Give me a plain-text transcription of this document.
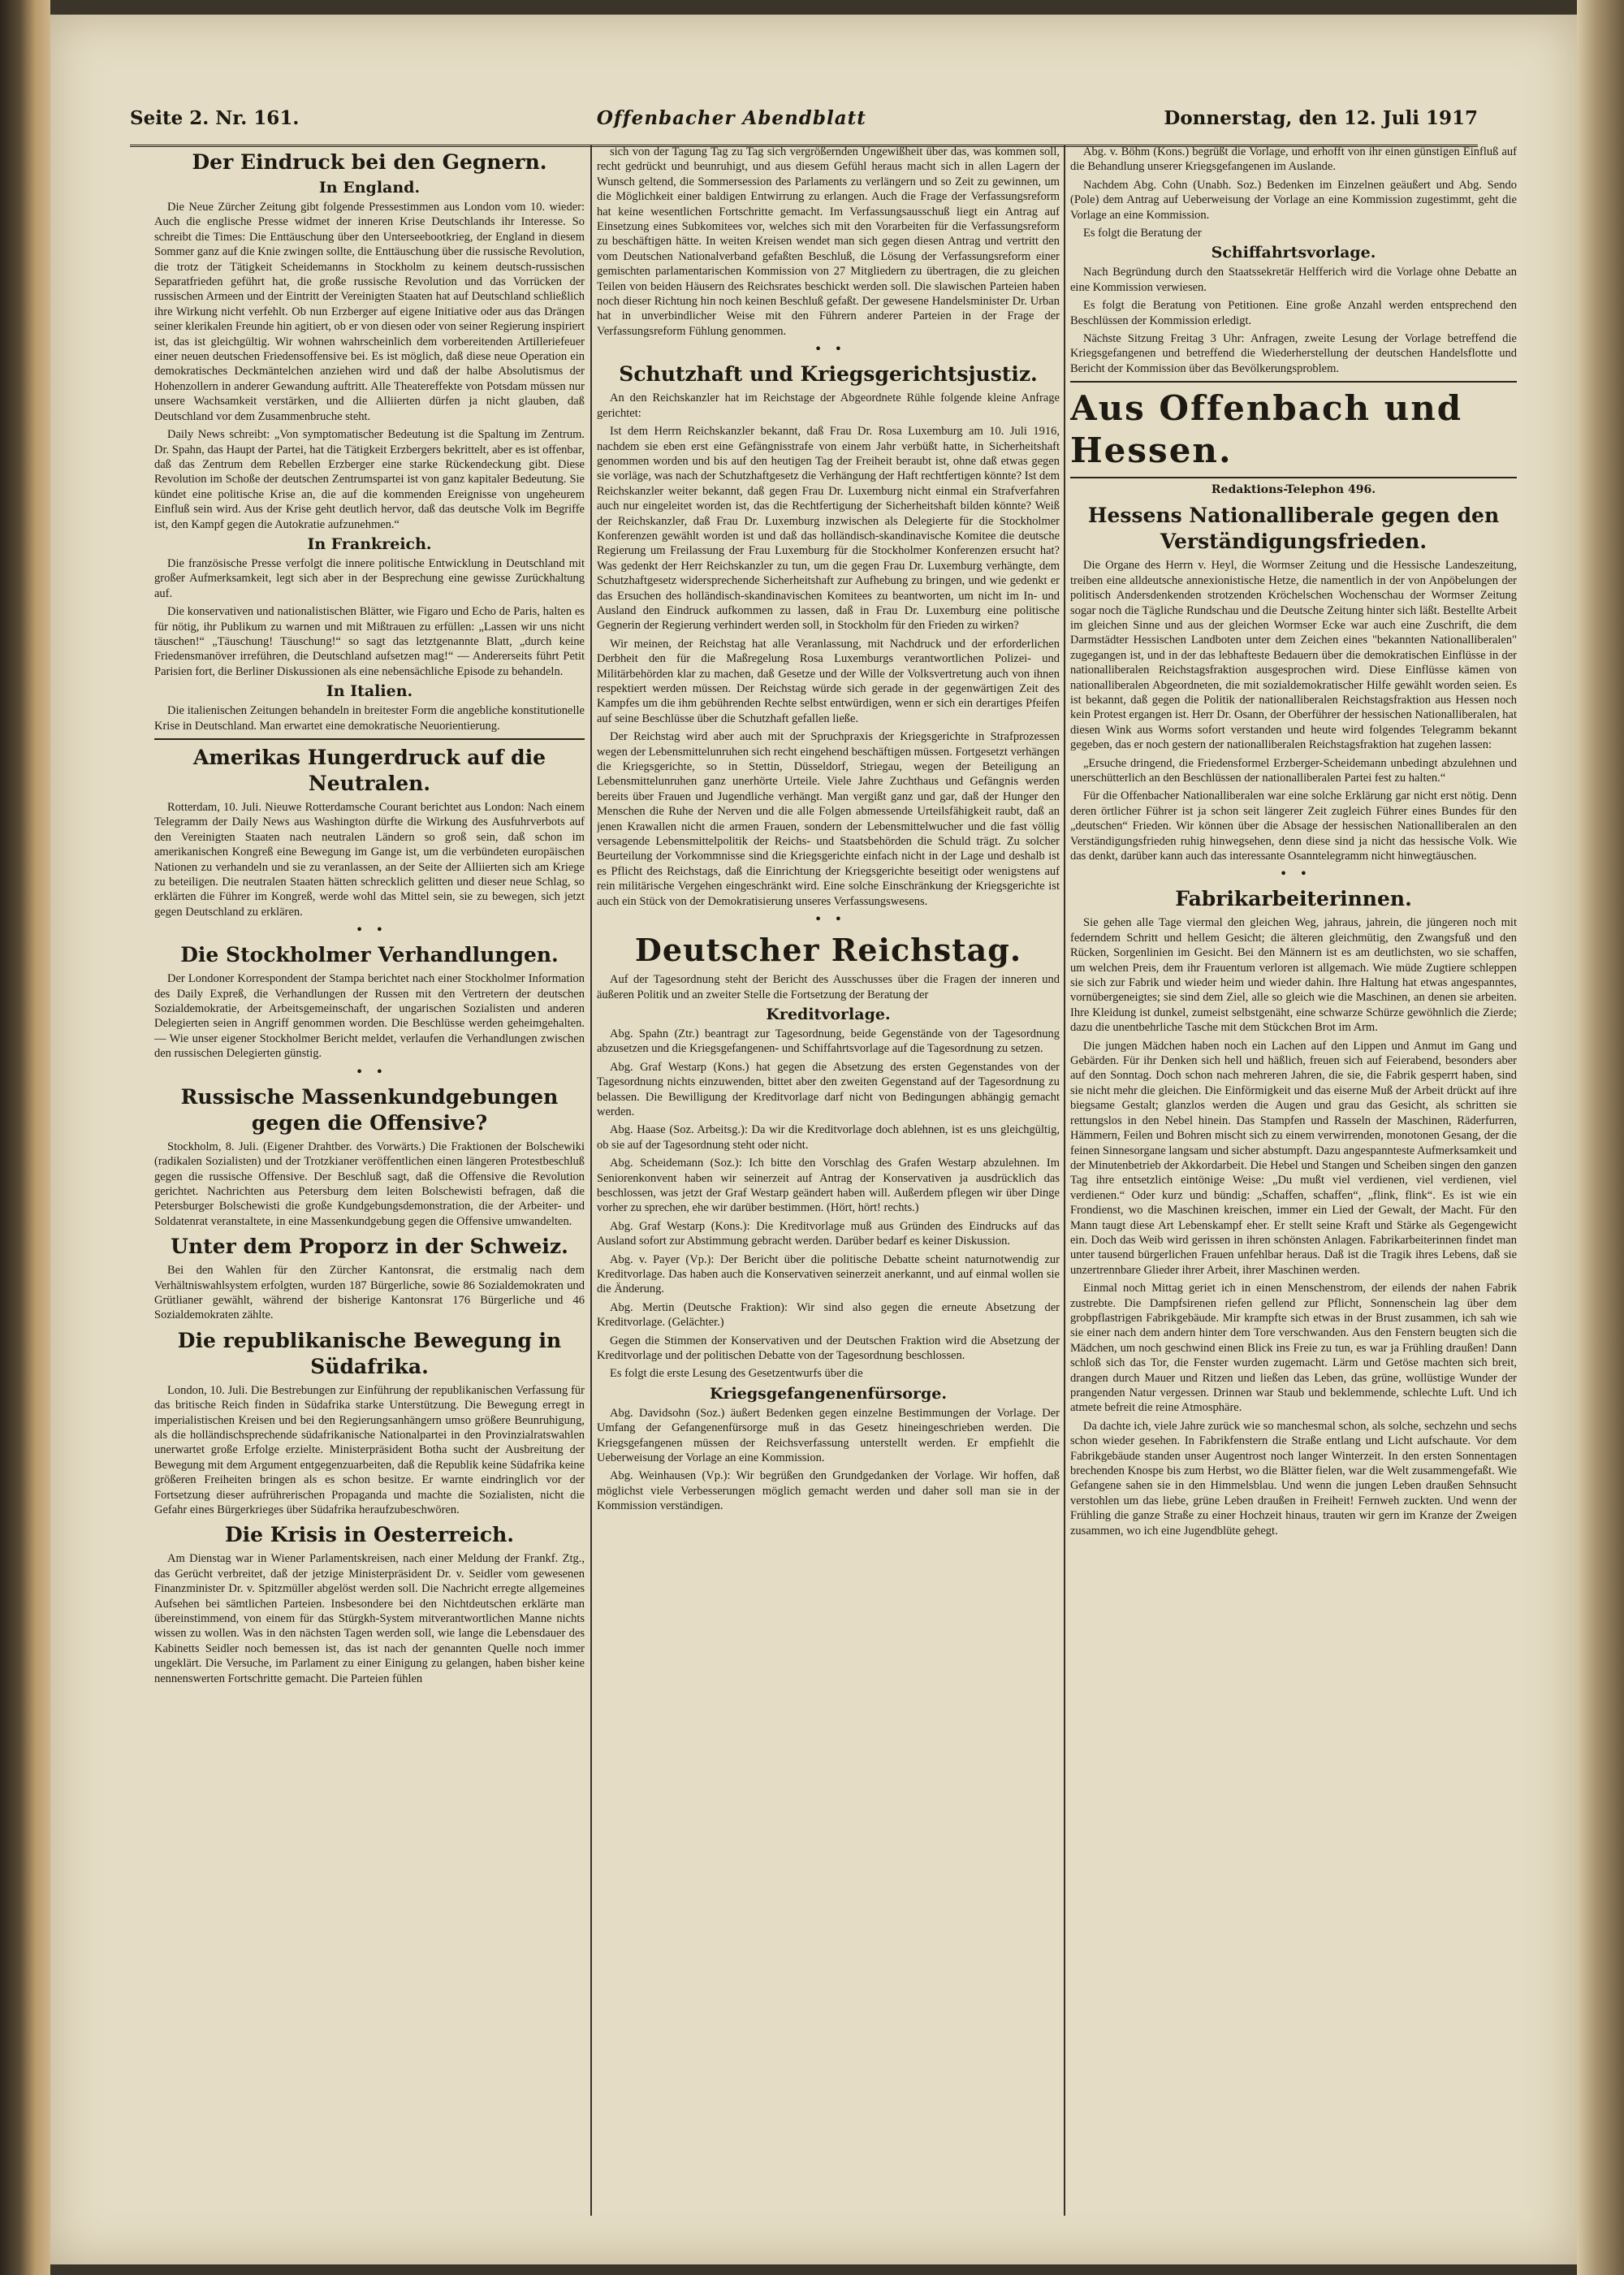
Seite 2. Nr. 161.	Offenbacher Abendblatt	Donnerstag, den 12. Juli 1917
Der Eindruck bei den Gegnern.
In England.

Die Neue Zürcher Zeitung gibt folgende Pressestimmen aus London vom 10. wieder: Auch die englische Presse widmet der inneren Krise Deutschlands ihr Interesse. So schreibt die Times: Die Enttäuschung über den Unterseebootkrieg, der England in diesem Sommer ganz auf die Knie zwingen sollte, die Enttäuschung über die russische Revolution, die trotz der Tätigkeit Scheidemanns in Stockholm zu keinem deutsch-russischen Separatfrieden geführt hat, die große russische Revolution und das Vorrücken der russischen Armeen und der Eintritt der Vereinigten Staaten hat auf Deutschland schließlich ihre Wirkung nicht verfehlt. Ob nun Erzberger auf eigene Initiative oder aus das Drängen seiner klerikalen Freunde hin agitiert, ob er von diesen oder von seiner Regierung inspiriert ist, das ist gleichgültig. Wir wohnen wahrscheinlich dem vorbereitenden Artilleriefeuer einer neuen deutschen Friedensoffensive bei. Es ist möglich, daß diese neue Operation ein demokratisches Deckmäntelchen anziehen wird und daß der halbe Absolutismus der Hohenzollern in anderer Gewandung auftritt. Alle Theatereffekte von Potsdam müssen nur unsere Wachsamkeit verstärken, und die Alliierten dürfen ja nicht glauben, daß Deutschland vor dem Zusammenbruche steht.

Daily News schreibt: „Von symptomatischer Bedeutung ist die Spaltung im Zentrum. Dr. Spahn, das Haupt der Partei, hat die Tätigkeit Erzbergers bekrittelt, aber es ist offenbar, daß das Zentrum dem Rebellen Erzberger eine starke Rückendeckung gibt. Diese Revolution im Schoße der deutschen Zentrumspartei ist von ganz kapitaler Bedeutung. Sie kündet eine politische Krise an, die auf die kommenden Ereignisse von ungeheurem Einfluß sein wird. Aus der Krise geht deutlich hervor, daß das deutsche Volk im Begriffe ist, den Kampf gegen die Autokratie aufzunehmen.“

In Frankreich.

Die französische Presse verfolgt die innere politische Entwicklung in Deutschland mit großer Aufmerksamkeit, legt sich aber in der Besprechung eine gewisse Zurückhaltung auf.

Die konservativen und nationalistischen Blätter, wie Figaro und Echo de Paris, halten es für nötig, ihr Publikum zu warnen und mit Mißtrauen zu erfüllen: „Lassen wir uns nicht täuschen!“ „Täuschung! Täuschung!“ so sagt das letztgenannte Blatt, „durch keine Friedensmanöver irreführen, die Deutschland aufsetzen mag!“ — Andererseits führt Petit Parisien fort, die Berliner Diskussionen als eine nebensächliche Episode zu behandeln.

In Italien.

Die italienischen Zeitungen behandeln in breitester Form die angebliche konstitutionelle Krise in Deutschland. Man erwartet eine demokratische Neuorientierung.

Amerikas Hungerdruck auf die Neutralen.

Rotterdam, 10. Juli. Nieuwe Rotterdamsche Courant berichtet aus London: Nach einem Telegramm der Daily News aus Washington dürfte die Wirkung des Ausfuhrverbots auf den Vereinigten Staaten nach neutralen Ländern so groß sein, daß schon im amerikanischen Kongreß eine Bewegung im Gange ist, um die verbündeten europäischen Nationen zu verhandeln und sie zu veranlassen, an der Seite der Alliierten sich am Kriege zu beteiligen. Die neutralen Staaten hätten schrecklich gelitten und dieser neue Schlag, so erklärten die Führer im Kongreß, werde wohl das Mittel sein, sie zu bewegen, sich jetzt gegen Deutschland zu erklären.

•   •
Die Stockholmer Verhandlungen.

Der Londoner Korrespondent der Stampa berichtet nach einer Stockholmer Information des Daily Expreß, die Verhandlungen der Russen mit den Vertretern der deutschen Sozialdemokratie, der Arbeitsgemeinschaft, der ungarischen Sozialisten und anderen Delegierten seien in Angriff genommen worden. Die Beschlüsse werden geheimgehalten. — Wie unser eigener Stockholmer Bericht meldet, verlaufen die Verhandlungen zwischen den russischen Delegierten günstig.

•   •
Russische Massenkundgebungen gegen die Offensive?

Stockholm, 8. Juli. (Eigener Drahtber. des Vorwärts.) Die Fraktionen der Bolschewiki (radikalen Sozialisten) und der Trotzkianer veröffentlichen einen längeren Protestbeschluß gegen die russische Offensive. Der Beschluß sagt, daß die Offensive die Revolution gerichtet. Nachrichten aus Petersburg dem leiten Bolschewisti befragen, daß die Petersburger Bolschewisti die große Kundgebungsdemonstration, die der Arbeiter- und Soldatenrat veranstaltete, in eine Massenkundgebung gegen die Offensive umwandelten.

Unter dem Proporz in der Schweiz.

Bei den Wahlen für den Zürcher Kantonsrat, die erstmalig nach dem Verhältniswahlsystem erfolgten, wurden 187 Bürgerliche, sowie 86 Sozialdemokraten und Grütlianer gewählt, während der bisherige Kantonsrat 176 Bürgerliche und 46 Sozialdemokraten zählte.

Die republikanische Bewegung in Südafrika.

London, 10. Juli. Die Bestrebungen zur Einführung der republikanischen Verfassung für das britische Reich finden in Südafrika starke Unterstützung. Die Bewegung erregt in imperialistischen Kreisen und bei den Regierungsanhängern umso größere Beunruhigung, als die holländischsprechende südafrikanische Nationalpartei in den Provinzialratswahlen unerwartet große Erfolge erzielte. Ministerpräsident Botha sucht der Ausbreitung der Bewegung mit dem Argument entgegenzuarbeiten, daß die Republik keine Südafrika keine größeren Freiheiten bringen als es schon besitze. Er warnte eindringlich vor der Fortsetzung dieser aufrührerischen Propaganda und machte die Sozialisten, nicht die Gefahr eines Bürgerkrieges über Südafrika heraufzubeschwören.

Die Krisis in Oesterreich.

Am Dienstag war in Wiener Parlamentskreisen, nach einer Meldung der Frankf. Ztg., das Gerücht verbreitet, daß der jetzige Ministerpräsident Dr. v. Seidler vom gewesenen Finanzminister Dr. v. Spitzmüller abgelöst werden soll. Die Nachricht erregte allgemeines Aufsehen bei sämtlichen Parteien. Insbesondere bei den Nichtdeutschen erklärte man übereinstimmend, von einem für das Stürgkh-System mitverantwortlichen Manne nichts wissen zu wollen. Was in den nächsten Tagen werden soll, wie lange die Lebensdauer des Kabinetts Seidler noch bemessen ist, das ist nach der genannten Quelle noch immer ungeklärt. Die Versuche, im Parlament zu einer Einigung zu gelangen, haben bisher keine nennenswerten Fortschritte gemacht. Die Parteien fühlen

sich von der Tagung Tag zu Tag sich vergrößernden Ungewißheit über das, was kommen soll, recht gedrückt und beunruhigt, und aus diesem Gefühl heraus macht sich in allen Lagern der Wunsch geltend, die Sommersession des Parlaments zu verlängern und so Zeit zu gewinnen, um die Möglichkeit einer baldigen Entwirrung zu erlangen. Auch die Frage der Verfassungsreform hat keine wesentlichen Fortschritte gemacht. Im Verfassungsausschuß liegt ein Antrag auf Einsetzung eines Subkomitees vor, welches sich mit den Vorarbeiten für die Verfassungsreform zu beschäftigen hätte. In weiten Kreisen wendet man sich gegen diesen Antrag und vertritt den vom Deutschen Nationalverband gefaßten Beschluß, die Lösung der Verfassungsreform einer gemischten parlamentarischen Kommission von 27 Mitgliedern zu übertragen, die zu gleichen Teilen von beiden Häusern des Reichsrates beschickt werden soll. Die slawischen Parteien haben noch dieser Richtung hin noch keinen Beschluß gefaßt. Der gewesene Handelsminister Dr. Urban hat in unverbindlicher Weise mit den Führern anderer Parteien in der Frage der Verfassungsreform Fühlung genommen.

•   •
Schutzhaft und Kriegsgerichtsjustiz.

An den Reichskanzler hat im Reichstage der Abgeordnete Rühle folgende kleine Anfrage gerichtet:

Ist dem Herrn Reichskanzler bekannt, daß Frau Dr. Rosa Luxemburg am 10. Juli 1916, nachdem sie eben erst eine Gefängnisstrafe von einem Jahr verbüßt hatte, in Sicherheitshaft genommen worden und bis auf den heutigen Tag der Freiheit beraubt ist, ohne daß etwas gegen sie vorläge, was nach der Schutzhaftgesetz die Verhängung der Haft rechtfertigen könnte? Ist dem Reichskanzler weiter bekannt, daß gegen Frau Dr. Luxemburg nicht einmal ein Strafverfahren auch nur eingeleitet worden ist, das die Rechtfertigung der Sicherheitshaft bilden könnte? Weiß der Reichskanzler, daß Frau Dr. Luxemburg inzwischen als Delegierte für die Stockholmer Konferenzen gewählt worden ist und daß das holländisch-skandinavische Komitee die deutsche Regierung um Freilassung der Frau Luxemburg für die Stockholmer Konferenzen ersucht hat? Was gedenkt der Herr Reichskanzler zu tun, um die gegen Frau Dr. Luxemburg verhängte, dem Schutzhaftgesetz widersprechende Sicherheitshaft zur Aufhebung zu bringen, und wie gedenkt er das Ersuchen des holländisch-skandinavischen Komitees zu beantworten, um nicht im In- und Ausland den Eindruck aufkommen zu lassen, daß in Frau Dr. Luxemburg eine politische Gegnerin der Regierung verhindert werden soll, in Stockholm für den Frieden zu wirken?

Wir meinen, der Reichstag hat alle Veranlassung, mit Nachdruck und der erforderlichen Derbheit den für die Maßregelung Rosa Luxemburgs verantwortlichen Polizei- und Militärbehörden klar zu machen, daß Gesetze und der Wille der Volksvertretung auch von ihnen respektiert werden müssen. Der Reichstag würde sich gerade in der gegenwärtigen Zeit des Kampfes um die ihm gebührenden Rechte selbst entwürdigen, wenn er sich ein derartiges Pfeifen auf seine Beschlüsse über die Schutzhaft gefallen ließe.

Der Reichstag wird aber auch mit der Spruchpraxis der Kriegsgerichte in Strafprozessen wegen der Lebensmittelunruhen sich recht eingehend beschäftigen müssen. Fortgesetzt verhängen die Kriegsgerichte, so in Stettin, Düsseldorf, Striegau, wegen der Beteiligung an Lebensmittelunruhen ganz unerhörte Urteile. Viele Jahre Zuchthaus und Gefängnis werden bereits über Frauen und Jugendliche verhängt. Man vergißt ganz und gar, daß der Hunger den Menschen die Ruhe der Nerven und die alle Folgen abmessende Urteilsfähigkeit raubt, daß an jenen Krawallen nicht die armen Frauen, sondern der Lebensmittelwucher und die fast völlig versagende Lebensmittelpolitik der Reichs- und Staatsbehörden die Schuld trägt. Zu solcher Beurteilung der Vorkommnisse sind die Kriegsgerichte einfach nicht in der Lage und deshalb ist es Pflicht des Reichstags, daß die Einrichtung der Kriegsgerichte beseitigt oder wenigstens auf rein militärische Vergehen eingeschränkt wird. Eine solche Einschränkung der Kriegsgerichte ist auch ein Stück von der Demokratisierung unseres Verfassungswesens.

•   •
Deutscher Reichstag.

Auf der Tagesordnung steht der Bericht des Ausschusses über die Fragen der inneren und äußeren Politik und an zweiter Stelle die Fortsetzung der Beratung der

Kreditvorlage.

Abg. Spahn (Ztr.) beantragt zur Tagesordnung, beide Gegenstände von der Tagesordnung abzusetzen und die Kriegsgefangenen- und Schiffahrtsvorlage auf die Tagesordnung zu setzen.

Abg. Graf Westarp (Kons.) hat gegen die Absetzung des ersten Gegenstandes von der Tagesordnung nichts einzuwenden, bittet aber den zweiten Gegenstand auf der Tagesordnung zu belassen. Die Bewilligung der Kreditvorlage darf nicht von Bedingungen abhängig gemacht werden.

Abg. Haase (Soz. Arbeitsg.): Da wir die Kreditvorlage doch ablehnen, ist es uns gleichgültig, ob sie auf der Tagesordnung steht oder nicht.

Abg. Scheidemann (Soz.): Ich bitte den Vorschlag des Grafen Westarp abzulehnen. Im Seniorenkonvent haben wir seinerzeit auf Antrag der Konservativen ja ausdrücklich das beschlossen, was jetzt der Graf Westarp geändert haben will. Außerdem pflegen wir über Dinge vorher zu sprechen, ehe wir darüber bestimmen. (Hört, hört! rechts.)

Abg. Graf Westarp (Kons.): Die Kreditvorlage muß aus Gründen des Eindrucks auf das Ausland sofort zur Abstimmung gebracht werden. Darüber bedarf es keiner Diskussion.

Abg. v. Payer (Vp.): Der Bericht über die politische Debatte scheint naturnotwendig zur Kreditvorlage. Das haben auch die Konservativen seinerzeit anerkannt, und auf einmal wollen sie die Änderung.

Abg. Mertin (Deutsche Fraktion): Wir sind also gegen die erneute Absetzung der Kreditvorlage. (Gelächter.)

Gegen die Stimmen der Konservativen und der Deutschen Fraktion wird die Absetzung der Kreditvorlage und der politischen Debatte von der Tagesordnung beschlossen.

Es folgt die erste Lesung des Gesetzentwurfs über die

Kriegsgefangenenfürsorge.

Abg. Davidsohn (Soz.) äußert Bedenken gegen einzelne Bestimmungen der Vorlage. Der Umfang der Gefangenenfürsorge muß in das Gesetz hineingeschrieben werden. Die Kriegsgefangenen müssen der Reichsverfassung unterstellt werden. Er empfiehlt die Ueberweisung der Vorlage an eine Kommission.

Abg. Weinhausen (Vp.): Wir begrüßen den Grundgedanken der Vorlage. Wir hoffen, daß möglichst viele Verbesserungen möglich gemacht werden und daher soll man sie in der Kommission verständigen.

Abg. v. Böhm (Kons.) begrüßt die Vorlage, und erhofft von ihr einen günstigen Einfluß auf die Behandlung unserer Kriegsgefangenen im Auslande.

Nachdem Abg. Cohn (Unabh. Soz.) Bedenken im Einzelnen geäußert und Abg. Sendo (Pole) dem Antrag auf Ueberweisung der Vorlage an eine Kommission zugestimmt, geht die Vorlage an eine Kommission.

Es folgt die Beratung der

Schiffahrtsvorlage.

Nach Begründung durch den Staatssekretär Helfferich wird die Vorlage ohne Debatte an eine Kommission verwiesen.

Es folgt die Beratung von Petitionen. Eine große Anzahl werden entsprechend den Beschlüssen der Kommission erledigt.

Nächste Sitzung Freitag 3 Uhr: Anfragen, zweite Lesung der Vorlage betreffend die Kriegsgefangenen und betreffend die Wiederherstellung der deutschen Handelsflotte und Bericht der Kommission über das Bevölkerungsproblem.

Aus Offenbach und Hessen.
Redaktions-Telephon 496.
Hessens Nationalliberale gegen den Verständigungsfrieden.

Die Organe des Herrn v. Heyl, die Wormser Zeitung und die Hessische Landeszeitung, treiben eine alldeutsche annexionistische Hetze, die namentlich in der von Anpöbelungen der politisch Andersdenkenden strotzenden Kröchelschen Wochenschau der Wormser Zeitung sogar noch die Tägliche Rundschau und die Deutsche Zeitung hinter sich läßt. Bestellte Arbeit im gleichen Sinne und aus der gleichen Wormser Ecke war auch eine Zuschrift, die dem Darmstädter Hessischen Landboten unter dem Zeichen eines "bekannten Nationalliberalen" zugegangen ist, und in der das lebhafteste Bedauern über die demokratischen Einflüsse in der nationalliberalen Reichstagsfraktion ausgesprochen wird. Diese Einflüsse kämen von nationalliberalen Abgeordneten, die mit sozialdemokratischer Hilfe gewählt worden seien. Es ist bekannt, daß gegen die Politik der nationalliberalen Reichstagsfraktion aus Hessen noch kein Protest ergangen ist. Herr Dr. Osann, der Oberführer der hessischen Nationalliberalen, hat diesen Wink aus Worms sofort verstanden und heute wird folgendes Telegramm bekannt gegeben, das er noch gestern der nationalliberalen Reichstagsfraktion hat zugehen lassen:

„Ersuche dringend, die Friedensformel Erzberger-Scheidemann unbedingt abzulehnen und unerschütterlich an den Beschlüssen der nationalliberalen Partei fest zu halten.“

Für die Offenbacher Nationalliberalen war eine solche Erklärung gar nicht erst nötig. Denn deren örtlicher Führer ist ja schon seit längerer Zeit zugleich Führer eines Bundes für den „deutschen“ Frieden. Wir können über die Absage der hessischen Nationalliberalen an den Verständigungsfrieden ruhig hinwegsehen, denn diese sind ja nicht das hessische Volk. Wie das denkt, darüber kann auch das interessante Osanntelegramm nicht hinwegtäuschen.

•   •
Fabrikarbeiterinnen.

Sie gehen alle Tage viermal den gleichen Weg, jahraus, jahrein, die jüngeren noch mit federndem Schritt und hellem Gesicht; die älteren gleichmütig, den Zwangsfuß und den Rücken, Sorgenlinien im Gesicht. Bei den Männern ist es am deutlichsten, wo sie schaffen, um welchen Preis, dem ihr Frauentum verloren ist allgemach. Wie müde Zugtiere schleppen sie sich zur Fabrik und wieder heim und wieder dahin. Ihre Haltung hat etwas angespanntes, vornübergeneigtes; sie sind dem Ziel, alle so gleich wie die Maschinen, an denen sie arbeiten. Ihre Kleidung ist dunkel, zumeist selbstgenäht, eine schwarze Schürze gewöhnlich die Zierde; dazu die unentbehrliche Tasche mit dem Stückchen Brot im Arm.

Die jungen Mädchen haben noch ein Lachen auf den Lippen und Anmut im Gang und Gebärden. Für ihr Denken sich hell und häßlich, freuen sich auf Feierabend, besonders aber auf den Sonntag. Doch schon nach mehreren Jahren, die sie, die Fabrik gesperrt haben, sind sie nicht mehr die gleichen. Die Einförmigkeit und das eiserne Muß der Arbeit drückt auf ihre biegsame Gestalt; glanzlos werden die Augen und grau das Gesicht, als schritten sie rettungslos in den Nebel hinein. Das Stampfen und Rasseln der Maschinen, Räderfurren, Hämmern, Feilen und Bohren mischt sich zu einem verwirrenden, monotonen Gesang, der die feinen Sinnesorgane langsam und sicher abstumpft. Dazu angespannteste Aufmerksamkeit und der Minutenbetrieb der Akkordarbeit. Die Hebel und Stangen und Scheiben singen den ganzen Tag ihre entsetzlich eintönige Weise: „Du mußt viel verdienen, viel verdienen, viel verdienen.“ Oder kurz und bündig: „Schaffen, schaffen“, „flink, flink“. Es ist wie ein Frondienst, wo die Maschinen kreischen, immer ein Lied der Gewalt, der Macht. Für den Mann taugt diese Art Lebenskampf eher. Er stellt seine Kraft und Stärke als Gegengewicht ein. Doch das Weib wird gerissen in ihren schönsten Anlagen. Fabrikarbeiterinnen findet man unter tausend bürgerlichen Frauen unfehlbar heraus. Daß ist die Tragik ihres Lebens, daß sie unzertrennbare Glieder ihrer Arbeit, ihrer Maschinen werden.

Einmal noch Mittag geriet ich in einen Menschenstrom, der eilends der nahen Fabrik zustrebte. Die Dampfsirenen riefen gellend zur Pflicht, Sonnenschein lag über dem grobpflastrigen Fabrikgebäude. Mir krampfte sich etwas in der Brust zusammen, ich sah wie sie einer nach dem andern hinter dem Tore verschwanden. Aus den Fenstern beugten sich die Mädchen, um noch geschwind einen Blick ins Freie zu tun, es war ja Frühling draußen! Dann schloß sich das Tor, die Fenster wurden zugemacht. Lärm und Getöse machten sich breit, drangen durch Mauer und Ritzen und ließen das Leben, das grüne, wollüstige Wunder der prangenden Natur vergessen. Drinnen war Staub und beklemmende, schlechte Luft. Und ich atmete befreit die reine Atmosphäre.

Da dachte ich, viele Jahre zurück wie so manchesmal schon, als solche, sechzehn und sechs schon wieder gesehen. In Fabrikfenstern die Straße entlang und Licht aufschaute. Vor dem Fabrikgebäude standen unser Augentrost noch langer Winterzeit. In den ersten Sonnentagen brechenden Knospe bis zum Herbst, wo die Blätter fielen, war die Welt zusammengefaßt. Wie Gefangene sahen sie in den Himmelsblau. Und wenn die jungen Leben draußen Sehnsucht verstohlen um das liebe, grüne Leben draußen in Freiheit! Fernweh zuckten. Und wenn der Frühling die ganze Straße zu einer Hochzeit hinaus, trauten wir gern im Kranze der Zweigen zusammen, wo ich eine Jugendblüte gehegt.
